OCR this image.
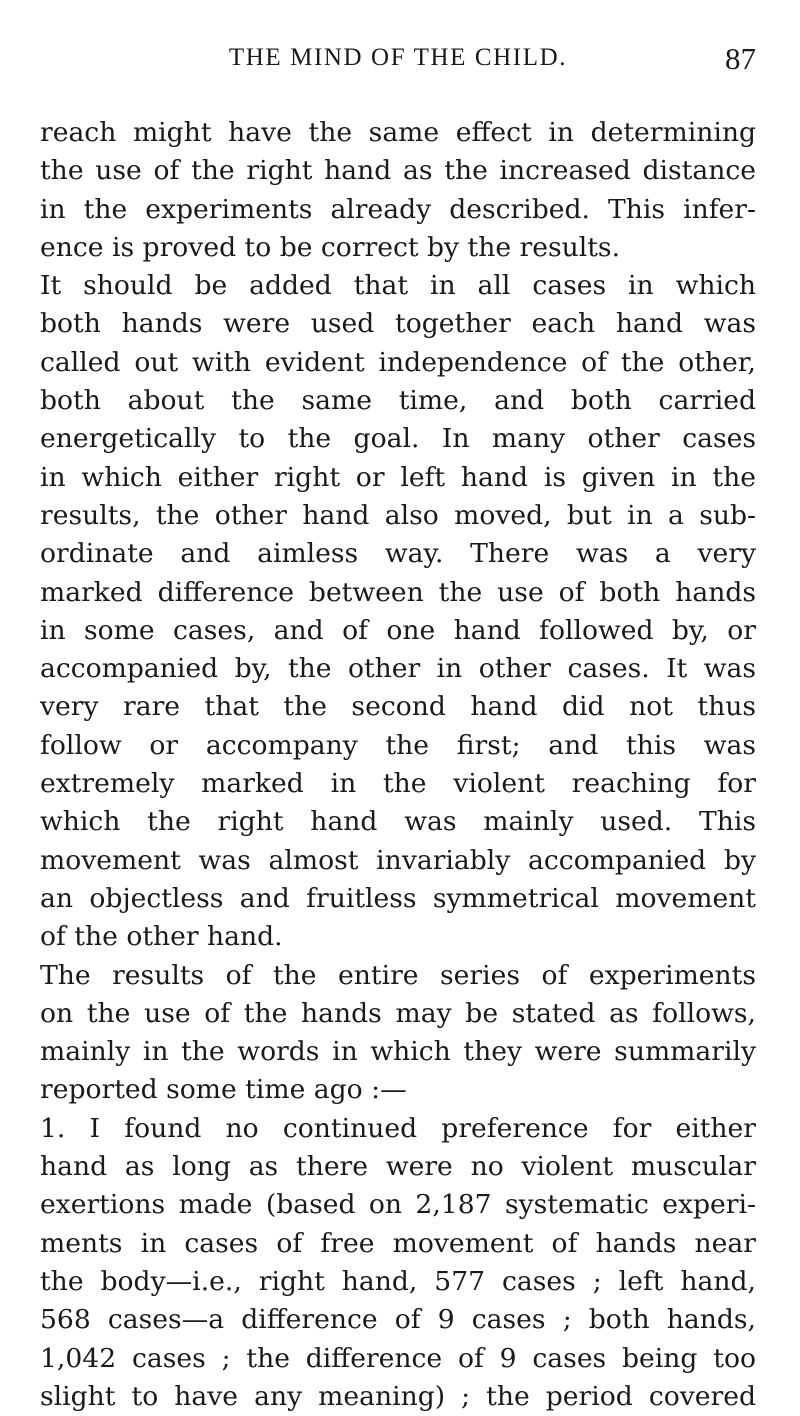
THE MIND OF THE CHILD.	87

reach might have the same effect in determining
the use of the right hand as the increased distance
in the experiments already described. This infer-
ence is proved to be correct by the results.

It should be added that in all cases in which
both hands were used together each hand was
called out with evident independence of the other,
both about the same time, and both carried
energetically to the goal. In many other cases
in which either right or left hand is given in the
results, the other hand also moved, but in a sub-
ordinate and aimless way. There was a very
marked difference between the use of both hands
in some cases, and of one hand followed by, or
accompanied by, the other in other cases. It was
very rare that the second hand did not thus
follow or accompany the first; and this was
extremely marked in the violent reaching for
which the right hand was mainly used. This
movement was almost invariably accompanied by
an objectless and fruitless symmetrical movement
of the other hand.

The results of the entire series of experiments
on the use of the hands may be stated as follows,
mainly in the words in which they were summarily
reported some time ago :—

1. I found no continued preference for either
hand as long as there were no violent muscular
exertions made (based on 2,187 systematic experi-
ments in cases of free movement of hands near
the body—i.e., right hand, 577 cases ; left hand,
568 cases—a difference of 9 cases ; both hands,
1,042 cases ; the difference of 9 cases being too
slight to have any meaning) ; the period covered
